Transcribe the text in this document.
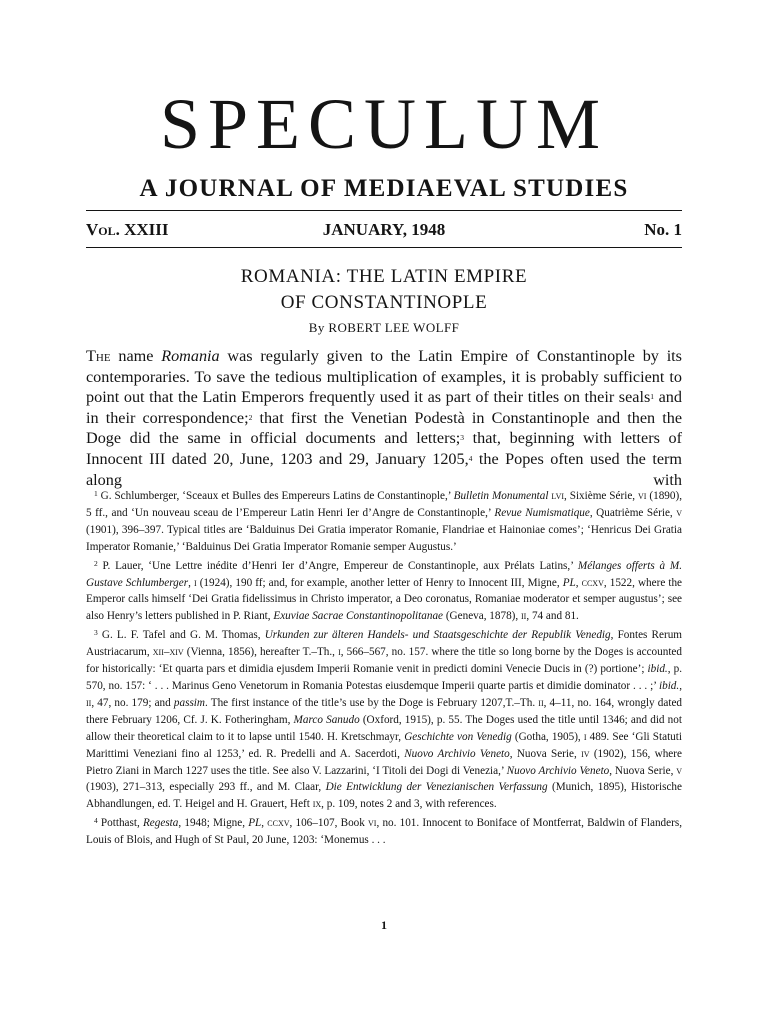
SPECULUM
A JOURNAL OF MEDIAEVAL STUDIES
Vol. XXIII	JANUARY, 1948	No. 1
ROMANIA: THE LATIN EMPIRE
OF CONSTANTINOPLE
By ROBERT LEE WOLFF

The name Romania was regularly given to the Latin Empire of Constantinople by its contemporaries. To save the tedious multiplication of examples, it is probably sufficient to point out that the Latin Emperors frequently used it as part of their titles on their seals1 and in their correspondence;2 that first the Venetian Podestà in Constantinople and then the Doge did the same in official documents and letters;3 that, beginning with letters of Innocent III dated 20, June, 1203 and 29, January 1205,4 the Popes often used the term along with

$^1$ G. Schlumberger, ‘Sceaux et Bulles des Empereurs Latins de Constantinople,’ Bulletin Monumental lvi, Sixième Série, vi (1890), 5 ff., and ‘Un nouveau sceau de l’Empereur Latin Henri Ier d’Angre de Constantinople,’ Revue Numismatique, Quatrième Série, v (1901), 396–397. Typical titles are ‘Balduinus Dei Gratia imperator Romanie, Flandriae et Hainoniae comes’; ‘Henricus Dei Gratia Imperator Romanie,’ ‘Balduinus Dei Gratia Imperator Romanie semper Augustus.’

$^2$ P. Lauer, ‘Une Lettre inédite d’Henri Ier d’Angre, Empereur de Constantinople, aux Prélats Latins,’ Mélanges offerts à M. Gustave Schlumberger, i (1924), 190 ff; and, for example, another letter of Henry to Innocent III, Migne, PL, ccxv, 1522, where the Emperor calls himself ‘Dei Gratia fidelissimus in Christo imperator, a Deo coronatus, Romaniae moderator et semper augustus’; see also Henry’s letters published in P. Riant, Exuviae Sacrae Constantinopolitanae (Geneva, 1878), ii, 74 and 81.

$^3$ G. L. F. Tafel and G. M. Thomas, Urkunden zur älteren Handels- und Staatsgeschichte der Republik Venedig, Fontes Rerum Austriacarum, xii–xiv (Vienna, 1856), hereafter T.–Th., i, 566–567, no. 157. where the title so long borne by the Doges is accounted for historically: ‘Et quarta pars et dimidia ejusdem Imperii Romanie venit in predicti domini Venecie Ducis in (?) portione’; ibid., p. 570, no. 157: ‘ . . . Marinus Geno Venetorum in Romania Potestas eiusdemque Imperii quarte partis et dimidie dominator . . . ;’ ibid., ii, 47, no. 179; and passim. The first instance of the title’s use by the Doge is February 1207,T.–Th. ii, 4–11, no. 164, wrongly dated there February 1206, Cf. J. K. Fotheringham, Marco Sanudo (Oxford, 1915), p. 55. The Doges used the title until 1346; and did not allow their theoretical claim to it to lapse until 1540. H. Kretschmayr, Geschichte von Venedig (Gotha, 1905), i 489. See ‘Gli Statuti Marittimi Veneziani fino al 1253,’ ed. R. Predelli and A. Sacerdoti, Nuovo Archivio Veneto, Nuova Serie, iv (1902), 156, where Pietro Ziani in March 1227 uses the title. See also V. Lazzarini, ‘I Titoli dei Dogi di Venezia,’ Nuovo Archivio Veneto, Nuova Serie, v (1903), 271–313, especially 293 ff., and M. Claar, Die Entwicklung der Venezianischen Verfassung (Munich, 1895), Historische Abhandlungen, ed. T. Heigel and H. Grauert, Heft ix, p. 109, notes 2 and 3, with references.

$^4$ Potthast, Regesta, 1948; Migne, PL, ccxv, 106–107, Book vi, no. 101. Innocent to Boniface of Montferrat, Baldwin of Flanders, Louis of Blois, and Hugh of St Paul, 20 June, 1203: ‘Monemus . . .

1
